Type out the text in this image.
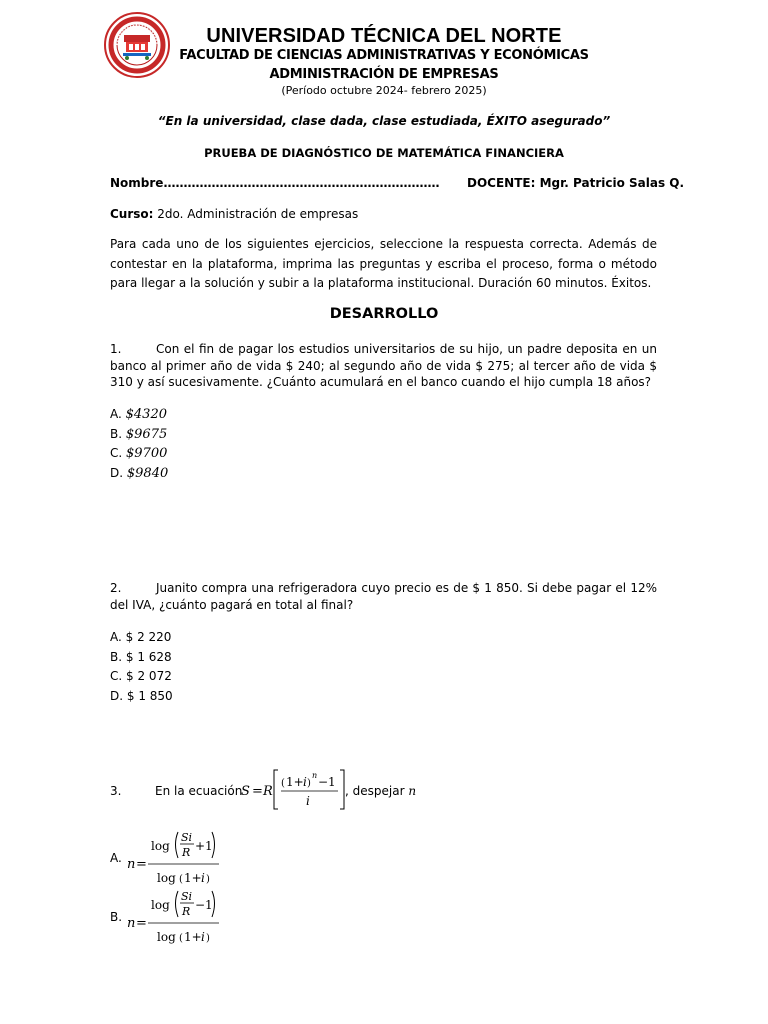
UNIVERSIDAD TÉCNICA DEL NORTE
FACULTAD DE CIENCIAS ADMINISTRATIVAS Y ECONÓMICAS
ADMINISTRACIÓN DE EMPRESAS
(Período octubre 2024- febrero 2025)
“En la universidad, clase dada, clase estudiada, ÉXITO asegurado”
PRUEBA DE DIAGNÓSTICO DE MATEMÁTICA FINANCIERA
Nombre…………………………………………………………… DOCENTE: Mgr. Patricio Salas Q.
Curso: 2do. Administración de empresas
Para cada uno de los siguientes ejercicios, seleccione la respuesta correcta. Además de contestar en la plataforma, imprima las preguntas y escriba el proceso, forma o método para llegar a la solución y subir a la plataforma institucional. Duración 60 minutos. Éxitos.
DESARROLLO
1.	Con el fin de pagar los estudios universitarios de su hijo, un padre deposita en un banco al primer año de vida $ 240; al segundo año de vida $ 275; al tercer año de vida $ 310 y así sucesivamente. ¿Cuánto acumulará en el banco cuando el hijo cumpla 18 años?
A. $4320
B. $9675
C. $9700
D. $9840
2.	Juanito compra una refrigeradora cuyo precio es de $ 1 850. Si debe pagar el 12% del IVA, ¿cuánto pagará en total al final?
A. $ 2 220
B. $ 1 628
C. $ 2 072
D. $ 1 850
3.	En la ecuación
S = R
( 1+ i )
n −1
i
, despejar n
A. n =
log
Si
R +1
log ( 1+ i )
B. n =
log
Si
R −1
log ( 1+ i )
